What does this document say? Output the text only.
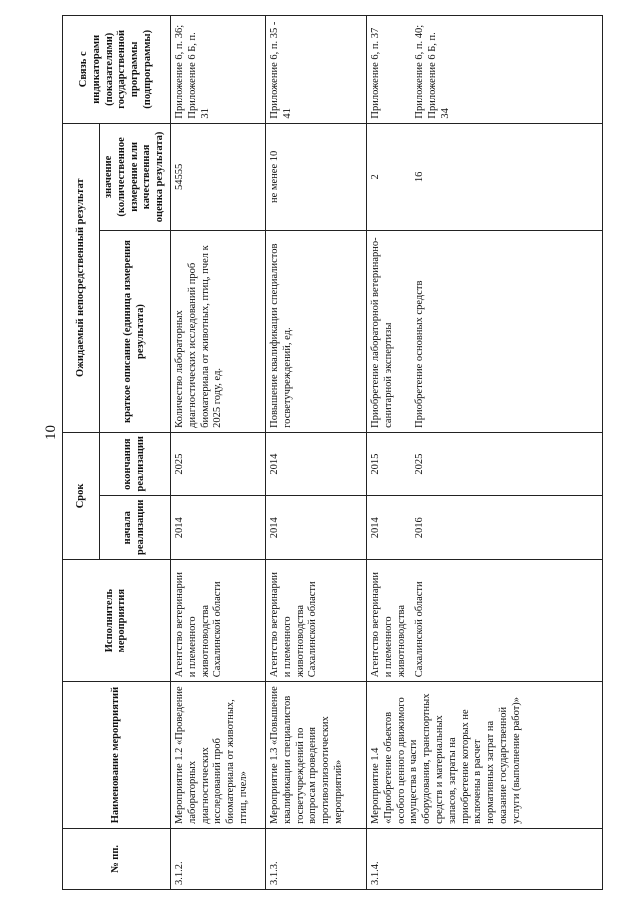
10
№ пп.	Наименование мероприятий	Исполнитель мероприятия	Срок		Ожидаемый непосредственный результат		Связь с индикаторами (показателями) государственной программы (подпрограммы)
			начала реализации	окончания реализации	краткое описание (единица измерения результата)	значение (количественное измерение или качественная оценка результата)	
3.1.2.	Мероприятие 1.2 «Проведение лабораторных диагностических исследований проб биоматериала от животных, птиц, пчел»	Агентство ветеринарии и племенного животноводства Сахалинской области	2014	2025	Количество лабораторных диагностических исследований проб биоматериала от животных, птиц, пчел к 2025 году, ед.	54555	Приложение 6, п. 36; Приложение 6 Б, п. 31
3.1.3.	Мероприятие 1.3 «Повышение квалификации специалистов госветучреждений по вопросам проведения противоэпизоотических мероприятий»	Агентство ветеринарии и племенного животноводства Сахалинской области	2014	2014	Повышение квалификации специалистов госветучреждений, ед.	не менее 10	Приложение 6, п. 35 - 41
3.1.4.	Мероприятие 1.4 «Приобретение объектов особого ценного движимого имущества в части оборудования, транспортных средств и материальных запасов, затраты на приобретение которых не включены в расчет нормативных затрат на оказание государственной услуги (выполнение работ)»	Агентство ветеринарии и племенного животноводства	2014	2015	Приобретение лабораторной ветеринарно-санитарной экспертизы	2	Приложение 6, п. 37
		Сахалинской области	2016	2025	Приобретение основных средств	16	Приложение 6, п. 40; Приложение 6 Б, п. 34
